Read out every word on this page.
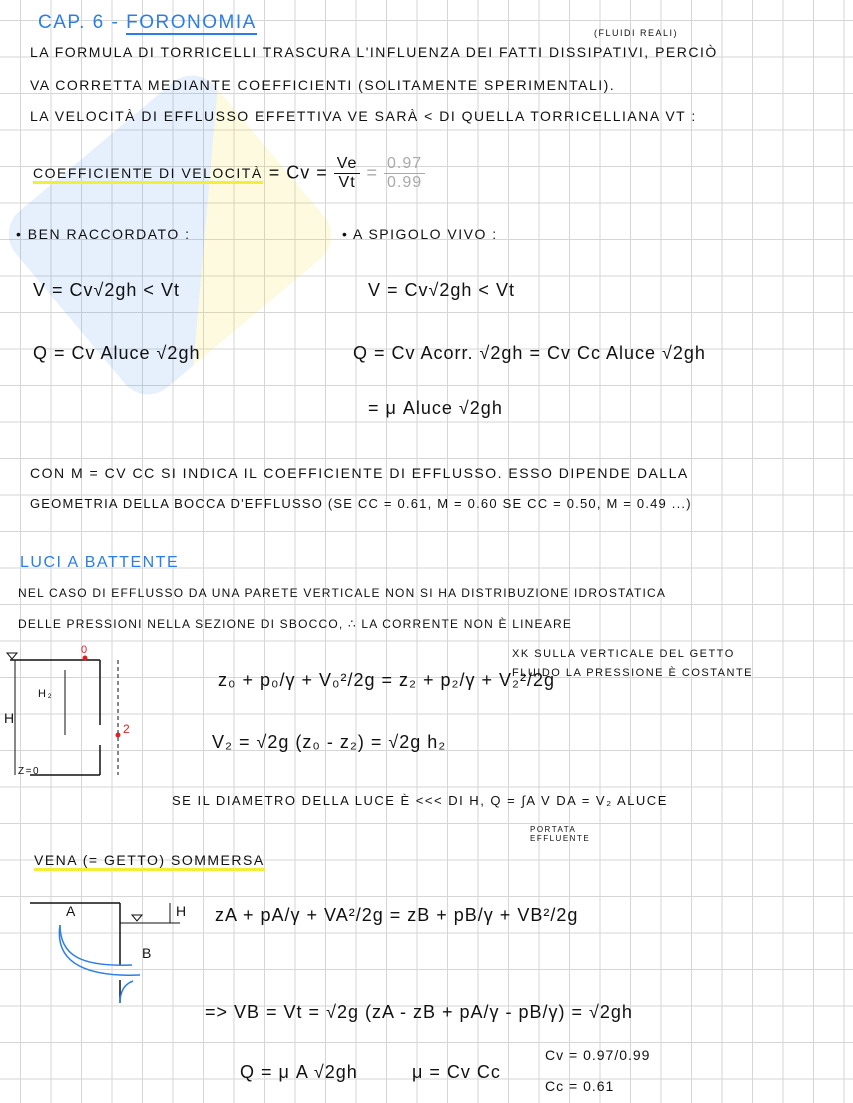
CAP. 6 - FORONOMIA	(FLUIDI REALI)
LA FORMULA DI TORRICELLI TRASCURA L'INFLUENZA DEI FATTI DISSIPATIVI, PERCIÒ
VA CORRETTA MEDIANTE COEFFICIENTI (SOLITAMENTE SPERIMENTALI).
LA VELOCITÀ DI EFFLUSSO EFFETTIVA VE SARÀ < DI QUELLA TORRICELLIANA VT :
COEFFICIENTE DI VELOCITÀ = $Cv = \frac{Ve}{Vt} = \frac{0.97}{0.99}$
• BEN RACCORDATO :
V = Cv√2gh < Vt
Q = Cv Aluce √2gh
• A SPIGOLO VIVO :
V = Cv√2gh < Vt
Q = Cv Acorr. √2gh = Cv Cc Aluce √2gh
= μ Aluce √2gh
CON Μ = CV CC SI INDICA IL COEFFICIENTE DI EFFLUSSO. ESSO DIPENDE DALLA
GEOMETRIA DELLA BOCCA D'EFFLUSSO (SE CC = 0.61, Μ = 0.60 SE CC = 0.50, Μ = 0.49 ...)
LUCI A BATTENTE
NEL CASO DI EFFLUSSO DA UNA PARETE VERTICALE NON SI HA DISTRIBUZIONE IDROSTATICA
DELLE PRESSIONI NELLA SEZIONE DI SBOCCO, ∴ LA CORRENTE NON È LINEARE
H
H₂
Z=0
0
2
z₀ + p₀/γ + V₀²/2g = z₂ + p₂/γ + V₂²/2g
XK SULLA VERTICALE DEL GETTO
FLUIDO LA PRESSIONE È COSTANTE
V₂ = √2g (z₀ - z₂) = √2g h₂
SE IL DIAMETRO DELLA LUCE È <<< DI H, Q = ∫A V DA = V₂ ALUCE
PORTATA
EFFLUENTE
VENA (= GETTO) SOMMERSA
A
B
H zA + pA/γ + VA²/2g = zB + pB/γ + VB²/2g
=> VB = Vt = √2g (zA - zB + pA/γ - pB/γ) = √2gh
Q = μ A √2gh	μ = Cv Cc
Cv = 0.97/0.99
Cc = 0.61
